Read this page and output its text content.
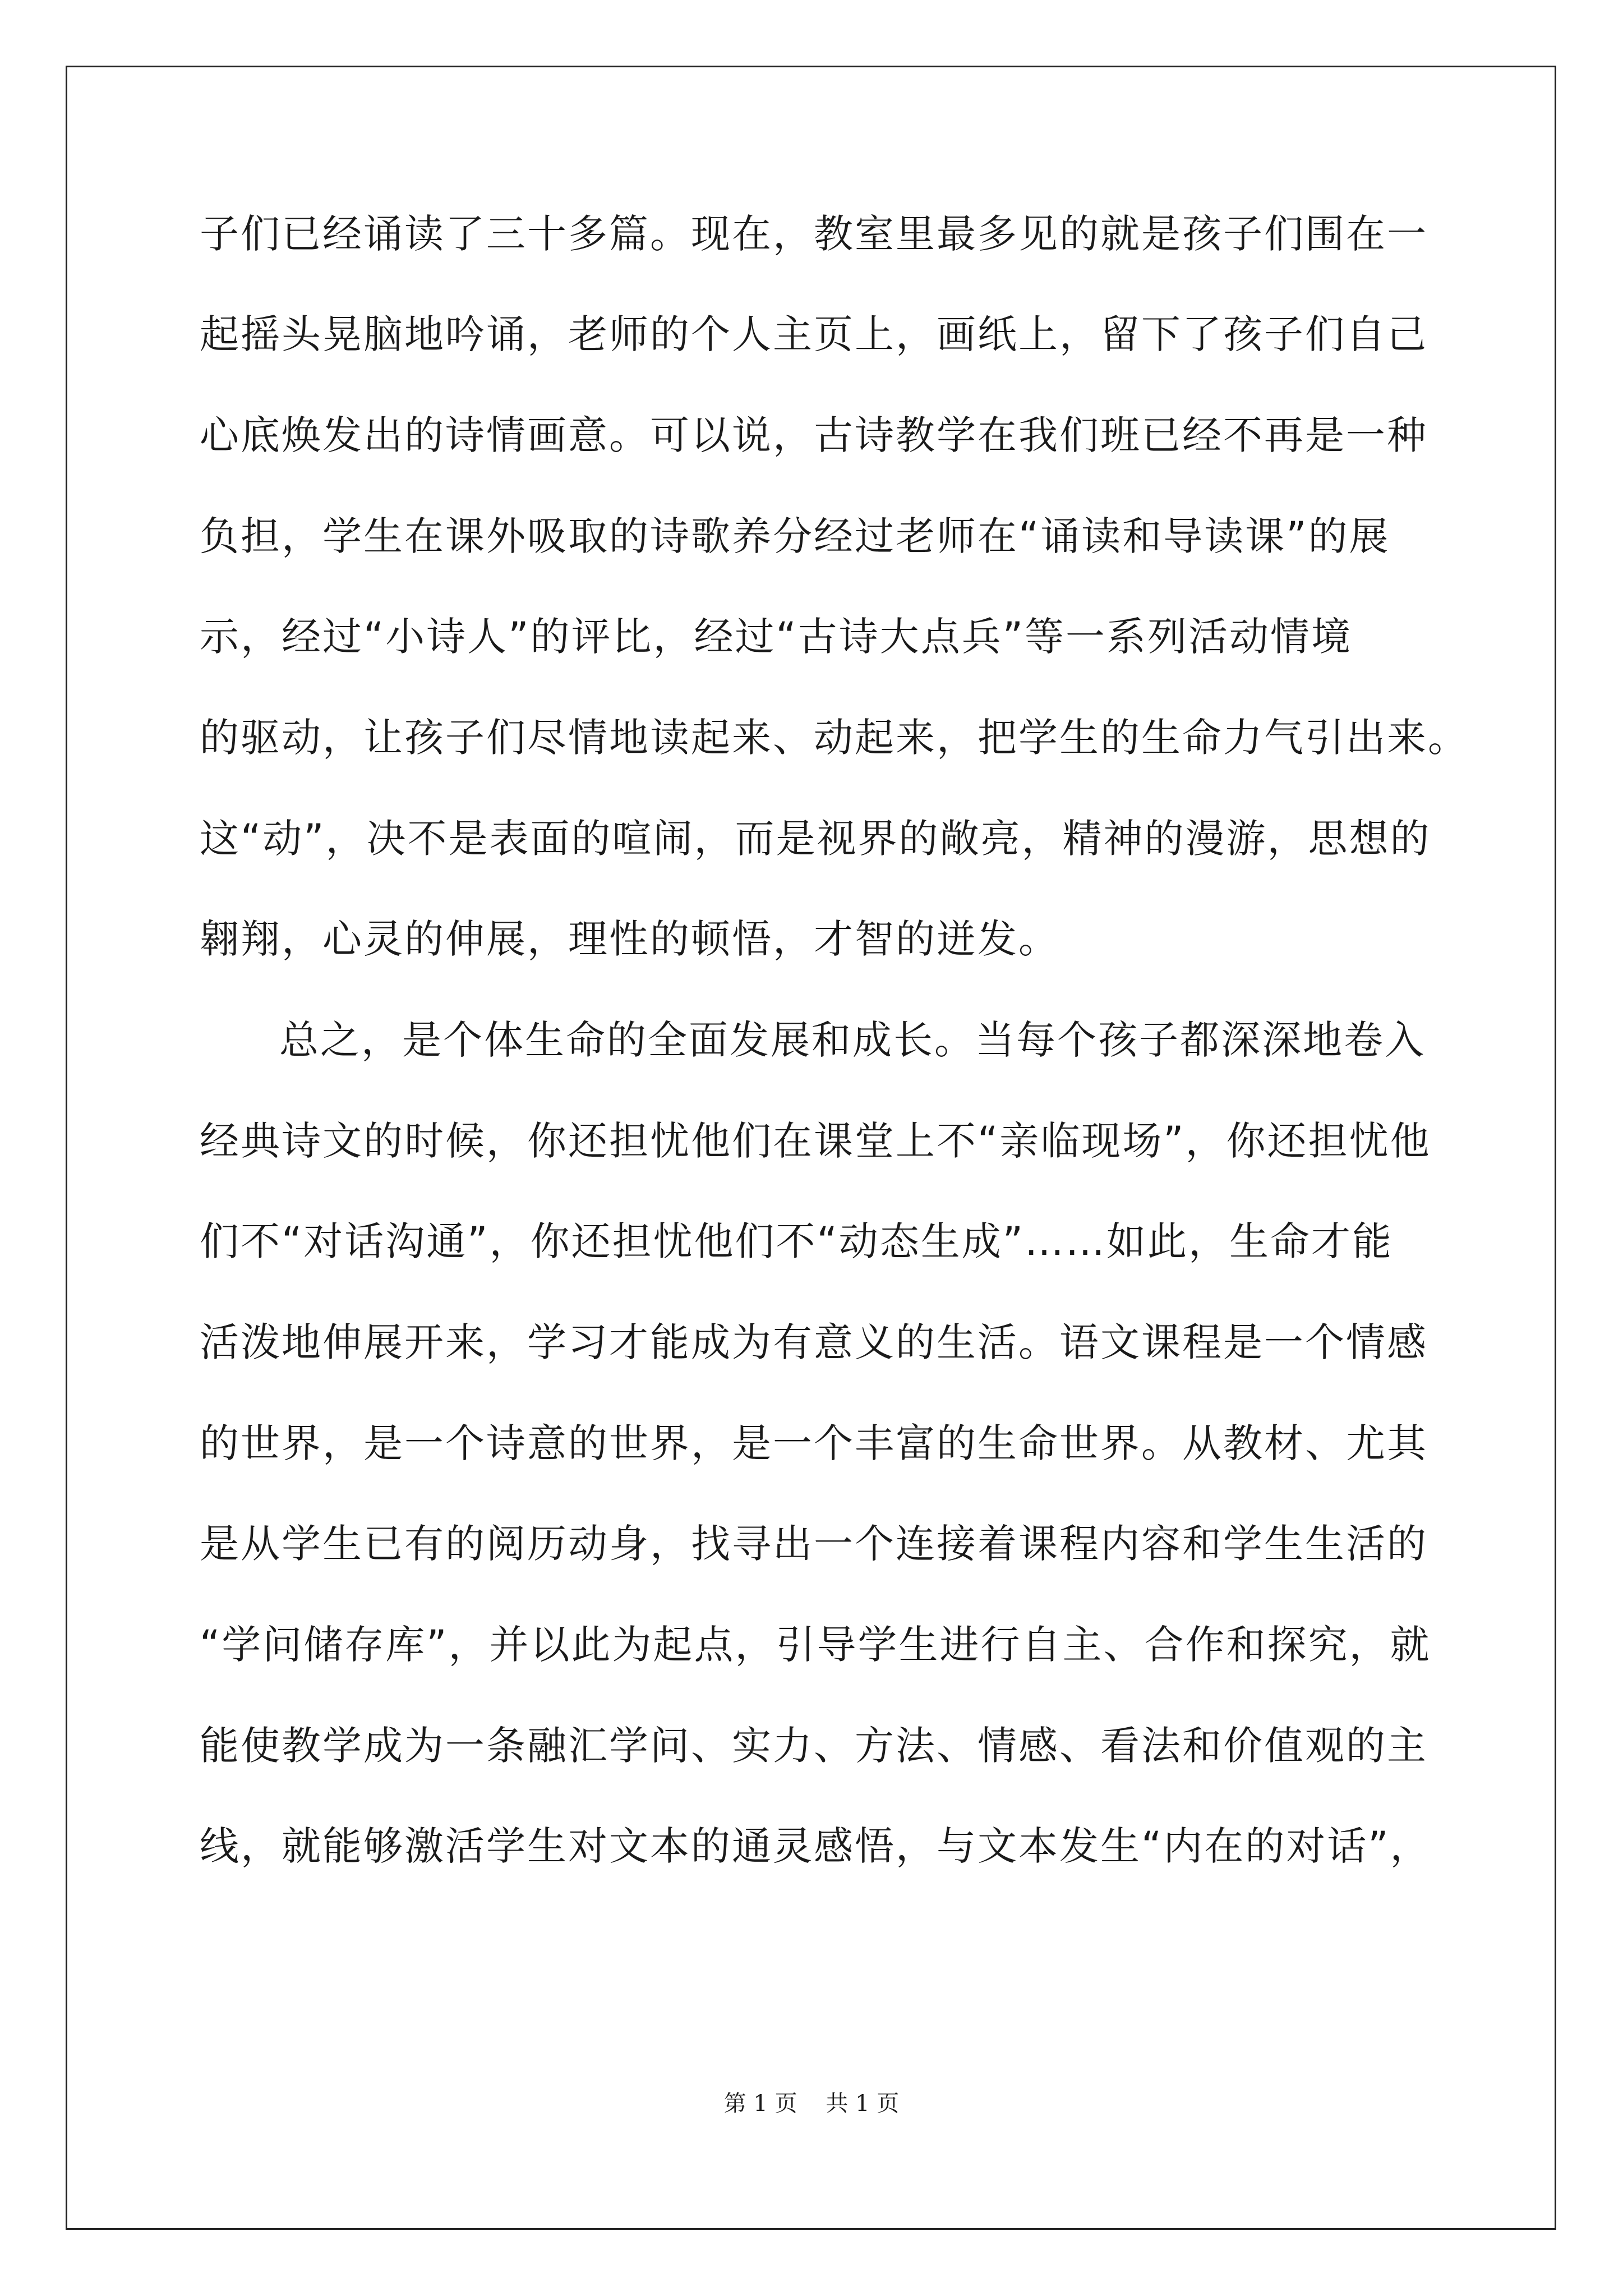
子们已经诵读了三十多篇。现在，教室里最多见的就是孩子们围在一
起摇头晃脑地吟诵，老师的个人主页上，画纸上，留下了孩子们自己
心底焕发出的诗情画意。可以说，古诗教学在我们班已经不再是一种
负担，学生在课外吸取的诗歌养分经过老师在“诵读和导读课”的展
示，经过“小诗人”的评比，经过“古诗大点兵”等一系列活动情境
的驱动，让孩子们尽情地读起来、动起来，把学生的生命力气引出来。
这“动”，决不是表面的喧闹，而是视界的敞亮，精神的漫游，思想的
翱翔，心灵的伸展，理性的顿悟，才智的迸发。
总之，是个体生命的全面发展和成长。当每个孩子都深深地卷入
经典诗文的时候，你还担忧他们在课堂上不“亲临现场”，你还担忧他
们不“对话沟通”，你还担忧他们不“动态生成”……如此，生命才能
活泼地伸展开来，学习才能成为有意义的生活。语文课程是一个情感
的世界，是一个诗意的世界，是一个丰富的生命世界。从教材、尤其
是从学生已有的阅历动身，找寻出一个连接着课程内容和学生生活的
“学问储存库”，并以此为起点，引导学生进行自主、合作和探究，就
能使教学成为一条融汇学问、实力、方法、情感、看法和价值观的主
线，就能够激活学生对文本的通灵感悟，与文本发生“内在的对话”，
第 1 页    共 1 页
